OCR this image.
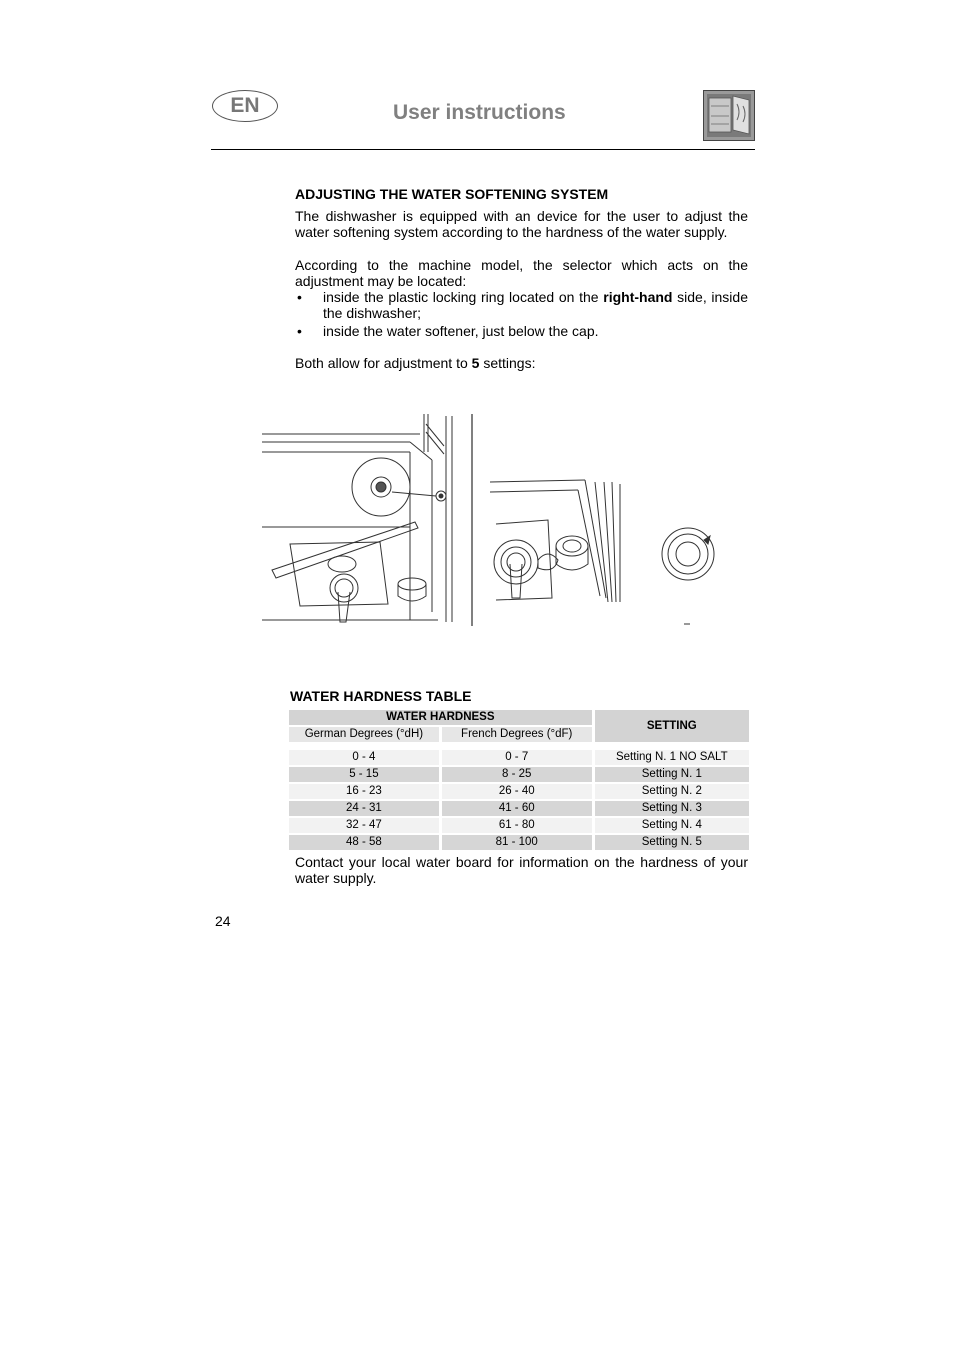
EN	User instructions
ADJUSTING THE WATER SOFTENING SYSTEM
The dishwasher is equipped with an device for the user to adjust the water softening system according to the hardness of the water supply.
According to the machine model, the selector which acts on the adjustment may be located:
• inside the plastic locking ring located on the right-hand side, inside the dishwasher;
• inside the water softener, just below the cap.
Both allow for adjustment to 5 settings:
WATER HARDNESS TABLE
WATER HARDNESS		SETTING
German Degrees (°dH)	French Degrees (°dF)	

0 - 4	0 - 7	Setting N. 1 NO SALT
5 - 15	8 - 25	Setting N. 1
16 - 23	26 - 40	Setting N. 2
24 - 31	41 - 60	Setting N. 3
32 - 47	61 - 80	Setting N. 4
48 - 58	81 - 100	Setting N. 5
Contact your local water board for information on the hardness of your water supply.
24
